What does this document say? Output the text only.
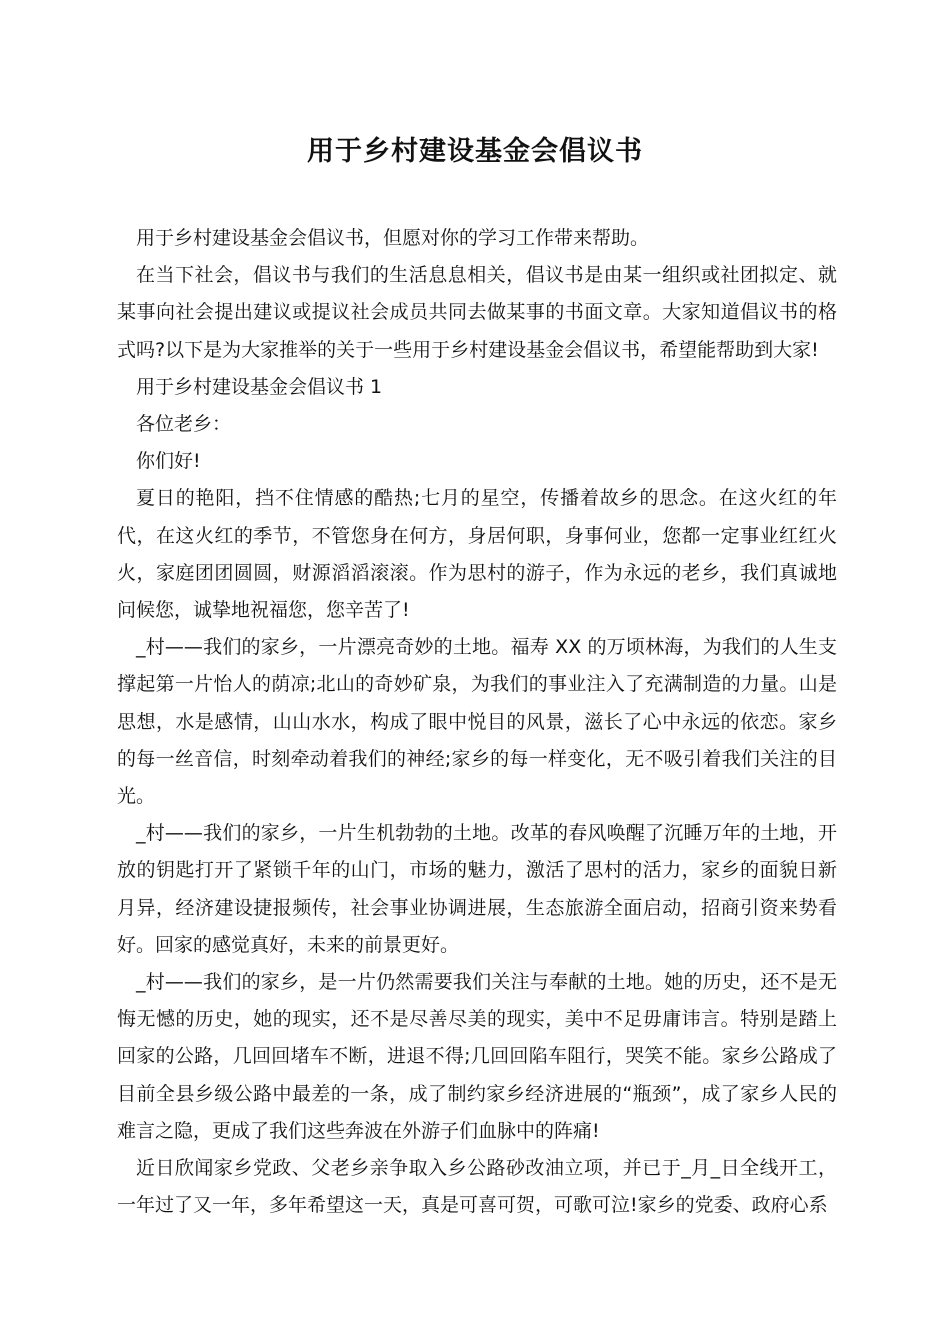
用于乡村建设基金会倡议书

用于乡村建设基金会倡议书，但愿对你的学习工作带来帮助。

在当下社会，倡议书与我们的生活息息相关，倡议书是由某一组织或社团拟定、就某事向社会提出建议或提议社会成员共同去做某事的书面文章。大家知道倡议书的格式吗?以下是为大家推举的关于一些用于乡村建设基金会倡议书，希望能帮助到大家!

用于乡村建设基金会倡议书 1

各位老乡：

你们好!

夏日的艳阳，挡不住情感的酷热;七月的星空，传播着故乡的思念。在这火红的年代，在这火红的季节，不管您身在何方，身居何职，身事何业，您都一定事业红红火火，家庭团团圆圆，财源滔滔滚滚。作为思村的游子，作为永远的老乡，我们真诚地问候您，诚挚地祝福您，您辛苦了!

_村——我们的家乡，一片漂亮奇妙的土地。福寿 XX 的万顷林海，为我们的人生支撑起第一片怡人的荫凉;北山的奇妙矿泉，为我们的事业注入了充满制造的力量。山是思想，水是感情，山山水水，构成了眼中悦目的风景，滋长了心中永远的依恋。家乡的每一丝音信，时刻牵动着我们的神经;家乡的每一样变化，无不吸引着我们关注的目光。

_村——我们的家乡，一片生机勃勃的土地。改革的春风唤醒了沉睡万年的土地，开放的钥匙打开了紧锁千年的山门，市场的魅力，激活了思村的活力，家乡的面貌日新月异，经济建设捷报频传，社会事业协调进展，生态旅游全面启动，招商引资来势看好。回家的感觉真好，未来的前景更好。

_村——我们的家乡，是一片仍然需要我们关注与奉献的土地。她的历史，还不是无悔无憾的历史，她的现实，还不是尽善尽美的现实，美中不足毋庸讳言。特别是踏上回家的公路，几回回堵车不断，进退不得;几回回陷车阻行，哭笑不能。家乡公路成了目前全县乡级公路中最差的一条，成了制约家乡经济进展的“瓶颈”，成了家乡人民的难言之隐，更成了我们这些奔波在外游子们血脉中的阵痛!

近日欣闻家乡党政、父老乡亲争取入乡公路砂改油立项，并已于_月_日全线开工，一年过了又一年，多年希望这一天，真是可喜可贺，可歌可泣!家乡的党委、政府心系
